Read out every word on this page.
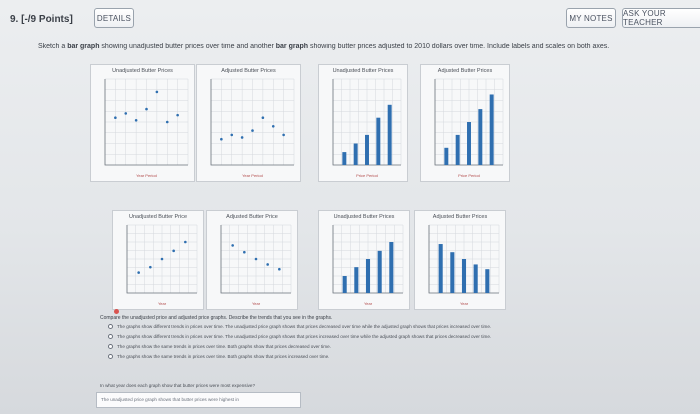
9. [-/9 Points]	DETAILS	MY NOTES	ASK YOUR TEACHER
Sketch a bar graph showing unadjusted butter prices over time and another bar graph showing butter prices adjusted to 2010 dollars over time. Include labels and scales on both axes.
Unadjusted Butter Prices
Year Period
Adjusted Butter Prices
Year Period
Unadjusted Butter Prices
Price Period
Adjusted Butter Prices
Price Period
Unadjusted Butter Price
Year
Adjusted Butter Price
Year
Unadjusted Butter Prices
Year
Adjusted Butter Prices
Year
Compare the unadjusted price and adjusted price graphs. Describe the trends that you see in the graphs.
The graphs show different trends in prices over time. The unadjusted price graph shows that prices decreased over time while the adjusted graph shows that prices increased over time.
The graphs show different trends in prices over time. The unadjusted price graph shows that prices increased over time while the adjusted graph shows that prices decreased over time.
The graphs show the same trends in prices over time. Both graphs show that prices decreased over time.
The graphs show the same trends in prices over time. Both graphs show that prices increased over time.
In what year does each graph show that butter prices were most expensive?
The unadjusted price graph shows that butter prices were highest in
